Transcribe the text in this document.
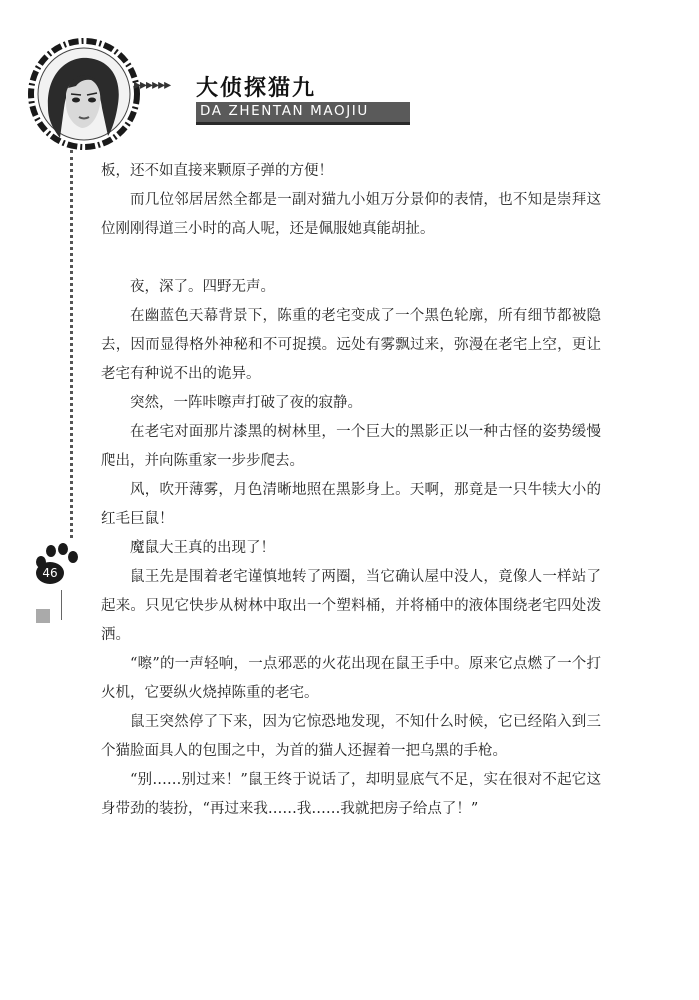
▸▸▸▸▸▸ 大侦探猫九
DA ZHENTAN MAOJIU
46

板，还不如直接来颗原子弹的方便！

而几位邻居居然全都是一副对猫九小姐万分景仰的表情，也不知是崇拜这位刚刚得道三小时的高人呢，还是佩服她真能胡扯。

夜，深了。四野无声。

在幽蓝色天幕背景下，陈重的老宅变成了一个黑色轮廓，所有细节都被隐去，因而显得格外神秘和不可捉摸。远处有雾飘过来，弥漫在老宅上空，更让老宅有种说不出的诡异。

突然，一阵咔嚓声打破了夜的寂静。

在老宅对面那片漆黑的树林里，一个巨大的黑影正以一种古怪的姿势缓慢爬出，并向陈重家一步步爬去。

风，吹开薄雾，月色清晰地照在黑影身上。天啊，那竟是一只牛犊大小的红毛巨鼠！

魔鼠大王真的出现了！

鼠王先是围着老宅谨慎地转了两圈，当它确认屋中没人，竟像人一样站了起来。只见它快步从树林中取出一个塑料桶，并将桶中的液体围绕老宅四处泼洒。

“嚓”的一声轻响，一点邪恶的火花出现在鼠王手中。原来它点燃了一个打火机，它要纵火烧掉陈重的老宅。

鼠王突然停了下来，因为它惊恐地发现，不知什么时候，它已经陷入到三个猫脸面具人的包围之中，为首的猫人还握着一把乌黑的手枪。

“别……别过来！”鼠王终于说话了，却明显底气不足，实在很对不起它这身带劲的装扮，“再过来我……我……我就把房子给点了！”
